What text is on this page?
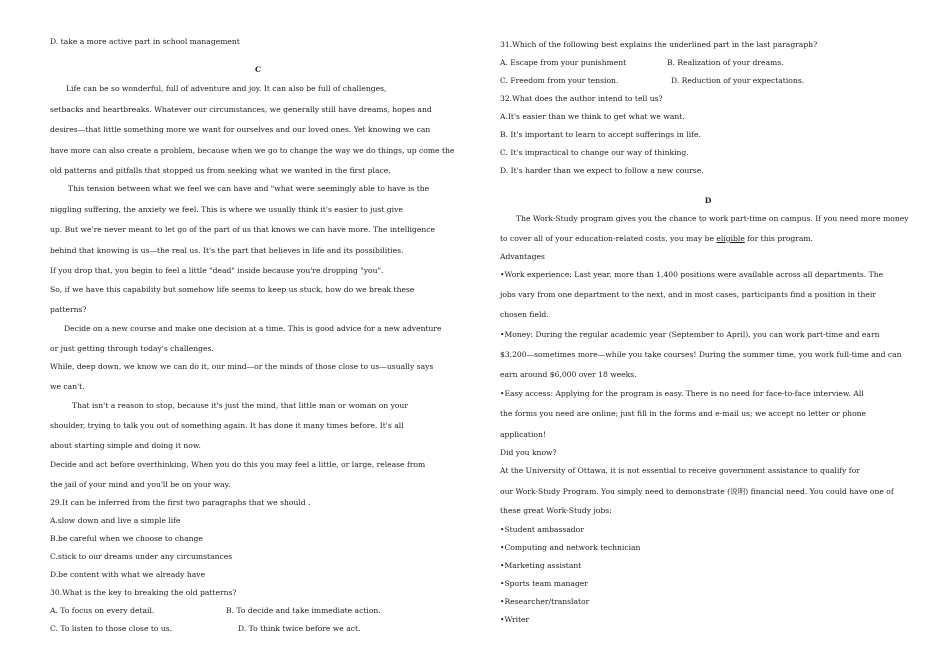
D. take a more active part in school management
C
Life can be so wonderful, full of adventure and joy. It can also be full of challenges,
setbacks and heartbreaks. Whatever our circumstances, we generally still have dreams, hopes and
desires—that little something more we want for ourselves and our loved ones. Yet knowing we can
have more can also create a problem, because when we go to change the way we do things, up come the
old patterns and pitfalls that stopped us from seeking what we wanted in the first place.
This tension between what we feel we can have and "what were seemingly able to have is the
niggling suffering, the anxiety we feel. This is where we usually think it's easier to just give
up. But we're never meant to let go of the part of us that knows we can have more. The intelligence
behind that knowing is us—the real us. It's the part that believes in life and its possibilities.
If you drop that, you begin to feel a little "dead" inside because you're dropping "you".
So, if we have this capability but somehow life seems to keep us stuck, how do we break these
patterns?
Decide on a new course and make one decision at a time. This is good advice for a new adventure
or just getting through today's challenges.
While, deep down, we know we can do it, our mind—or the minds of those close to us—usually says
we can't.
That isn't a reason to stop, because it's just the mind, that little man or woman on your
shoulder, trying to talk you out of something again. It has done it many times before. It's all
about starting simple and doing it now.
Decide and act before overthinking. When you do this you may feel a little, or large, release from
the jail of your mind and you'll be on your way.
29.It can be inferred from the first two paragraphs that we should .
A.slow down and live a simple life
B.be careful when we choose to change
C.stick to our dreams under any circumstances
D.be content with what we already have
30.What is the key to breaking the old patterns?
A. To focus on every detail.	B. To decide and take immediate action.
C. To listen to those close to us.	D. To think twice before we act.
31.Which of the following best explains the underlined part in the last paragraph?
A. Escape from your punishment	B. Realization of your dreams.
C. Freedom from your tension.	D. Reduction of your expectations.
32.What does the author intend to tell us?
A.It's easier than we think to get what we want.
B. It's important to learn to accept sufferings in life.
C. It's impractical to change our way of thinking.
D. It's harder than we expect to follow a new course.
D
The Work-Study program gives you the chance to work part-time on campus. If you need more money
to cover all of your education-related costs, you may be eligible for this program.
Advantages
•Work experience: Last year, more than 1,400 positions were available across all departments. The
jobs vary from one department to the next, and in most cases, participants find a position in their
chosen field.
•Money: During the regular academic year (September to April), you can work part-time and earn
$3,200—sometimes more—while you take courses! During the summer time, you work full-time and can
earn around $6,000 over 18 weeks.
•Easy access: Applying for the program is easy. There is no need for face-to-face interview. All
the forms you need are online; just fill in the forms and e-mail us; we accept no letter or phone
application!
Did you know?
At the University of Ottawa, it is not essential to receive government assistance to qualify for
our Work-Study Program. You simply need to demonstrate (说明) financial need. You could have one of
these great Work-Study jobs:
•Student ambassador
•Computing and network technician
•Marketing assistant
•Sports team manager
•Researcher/translator
•Writer
